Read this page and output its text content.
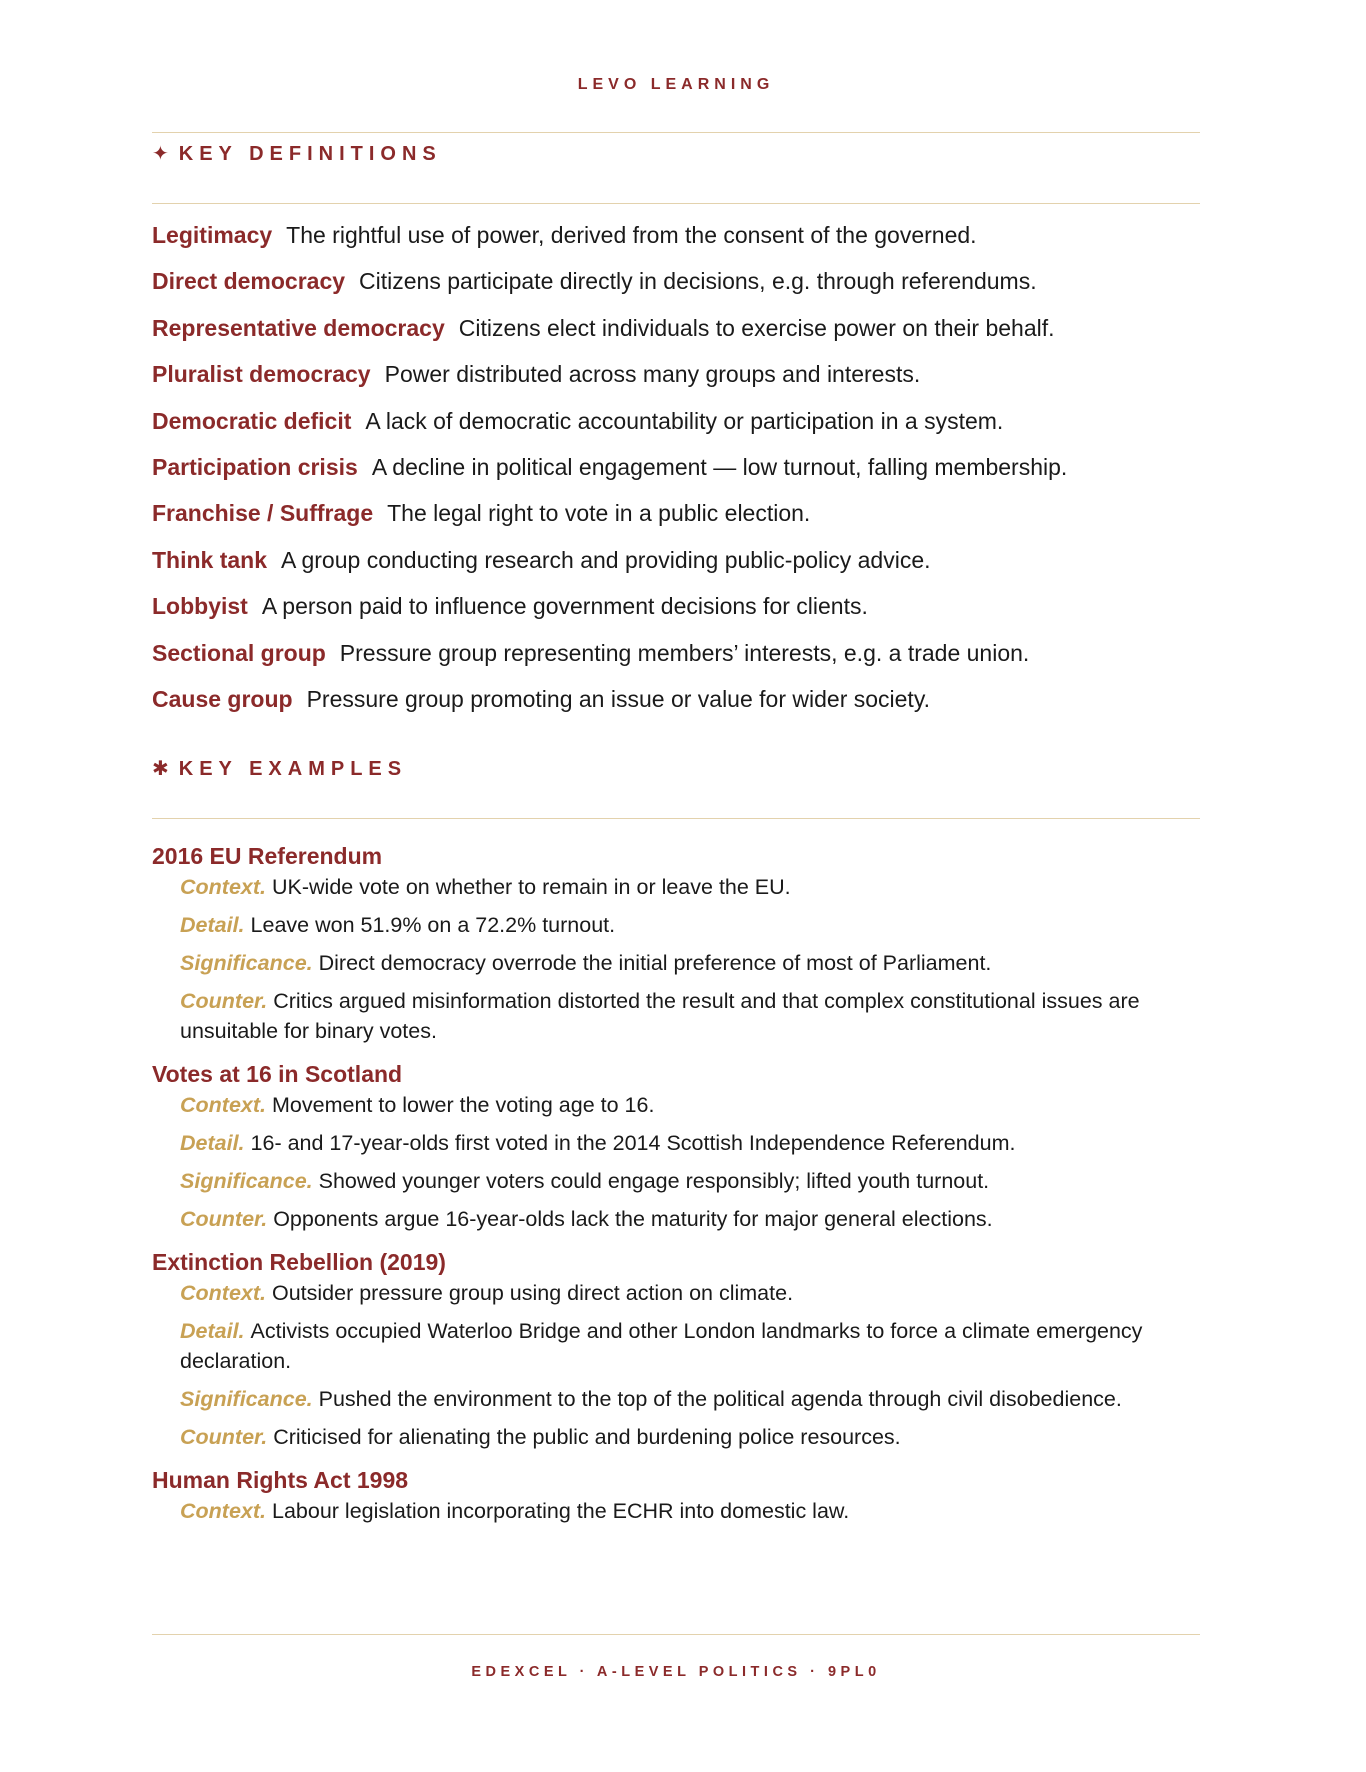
LEVO LEARNING
✦ KEY DEFINITIONS
Legitimacy The rightful use of power, derived from the consent of the governed.
Direct democracy Citizens participate directly in decisions, e.g. through referendums.
Representative democracy Citizens elect individuals to exercise power on their behalf.
Pluralist democracy Power distributed across many groups and interests.
Democratic deficit A lack of democratic accountability or participation in a system.
Participation crisis A decline in political engagement — low turnout, falling membership.
Franchise / Suffrage The legal right to vote in a public election.
Think tank A group conducting research and providing public-policy advice.
Lobbyist A person paid to influence government decisions for clients.
Sectional group Pressure group representing members’ interests, e.g. a trade union.
Cause group Pressure group promoting an issue or value for wider society.
✱ KEY EXAMPLES
2016 EU Referendum
Context. UK-wide vote on whether to remain in or leave the EU.
Detail. Leave won 51.9% on a 72.2% turnout.
Significance. Direct democracy overrode the initial preference of most of Parliament.
Counter. Critics argued misinformation distorted the result and that complex constitutional issues are unsuitable for binary votes.
Votes at 16 in Scotland
Context. Movement to lower the voting age to 16.
Detail. 16- and 17-year-olds first voted in the 2014 Scottish Independence Referendum.
Significance. Showed younger voters could engage responsibly; lifted youth turnout.
Counter. Opponents argue 16-year-olds lack the maturity for major general elections.
Extinction Rebellion (2019)
Context. Outsider pressure group using direct action on climate.
Detail. Activists occupied Waterloo Bridge and other London landmarks to force a climate emergency declaration.
Significance. Pushed the environment to the top of the political agenda through civil disobedience.
Counter. Criticised for alienating the public and burdening police resources.
Human Rights Act 1998
Context. Labour legislation incorporating the ECHR into domestic law.
EDEXCEL · A-LEVEL POLITICS · 9PL0
